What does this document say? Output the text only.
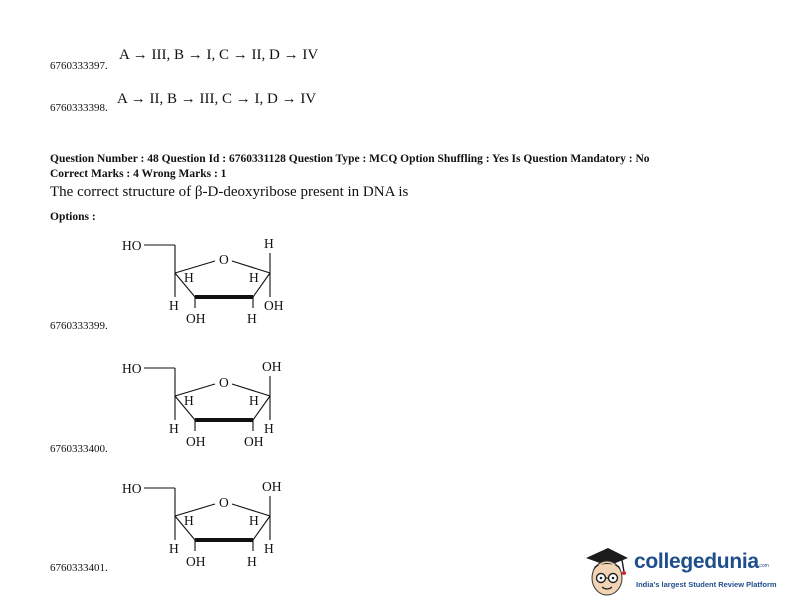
6760333397.
A → III, B → I, C → II, D → IV
6760333398.
A → II, B → III, C → I, D → IV
Question Number : 48 Question Id : 6760331128 Question Type : MCQ Option Shuffling : Yes Is Question Mandatory : No
Correct Marks : 4 Wrong Marks : 1
The correct structure of β-D-deoxyribose present in DNA is
Options :
HO
O
H
H	H
H
OH	H
OH
6760333399.
HO
O
OH
H	H
H
OH	OH
H
6760333400.
HO
O
OH
H	H
H
OH	H
H
6760333401.	collegedunia .com
India's largest Student Review Platform
